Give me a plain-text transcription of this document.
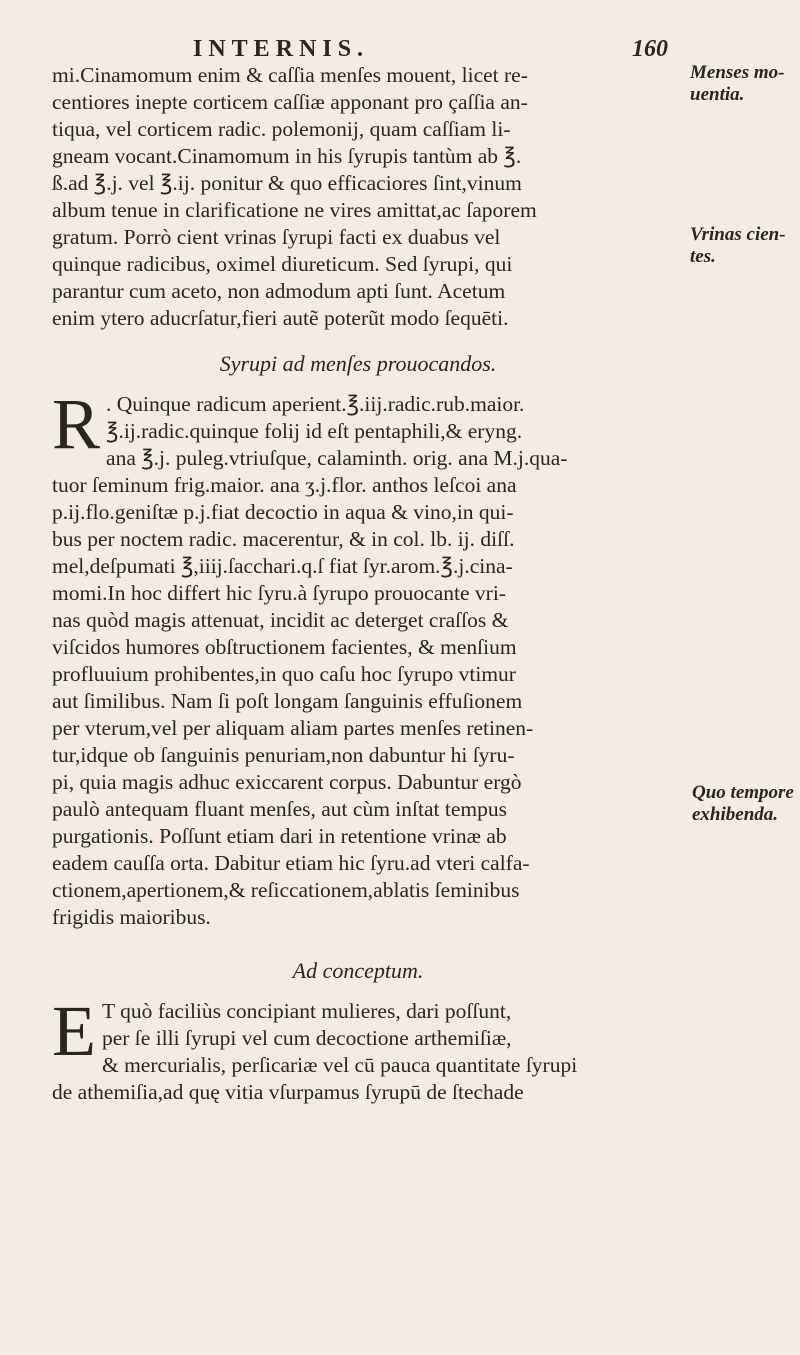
INTERNIS.	160
Menses mo- uentia.
Vrinas cien- tes.
Quo tempore exhibenda.
mi.Cinamomum enim & caſſia menſes mouent, licet re-
centiores inepte corticem caſſiæ apponant pro çaſſia an-
tiqua, vel corticem radic. polemonij, quam caſſiam li-
gneam vocant.Cinamomum in his ſyrupis tantùm ab ℥.
ß.ad ℥.j. vel ℥.ij. ponitur & quo efficaciores ſint,vinum
album tenue in clarificatione ne vires amittat,ac ſaporem
gratum. Porrò cient vrinas ſyrupi facti ex duabus vel
quinque radicibus, oximel diureticum. Sed ſyrupi, qui
parantur cum aceto, non admodum apti ſunt. Acetum
enim ytero aducrſatur,fieri autẽ poterũt modo ſequēti.
Syrupi ad menſes prouocandos.
R . Quinque radicum aperient.℥.iij.radic.rub.maior.
℥.ij.radic.quinque folij id eſt pentaphili,& eryng.
ana ℥.j. puleg.vtriuſque, calaminth. orig. ana M.j.qua-
tuor ſeminum frig.maior. ana ʒ.j.flor. anthos leſcoi ana
p.ij.flo.geniſtæ p.j.fiat decoctio in aqua & vino,in qui-
bus per noctem radic. macerentur, & in col. lb. ij. diſſ.
mel,deſpumati ℥,iiij.ſacchari.q.ſ fiat ſyr.arom.℥.j.cina-
momi.In hoc differt hic ſyru.à ſyrupo prouocante vri-
nas quòd magis attenuat, incidit ac deterget craſſos &
viſcidos humores obſtructionem facientes, & menſium
profluuium prohibentes,in quo caſu hoc ſyrupo vtimur
aut ſimilibus. Nam ſi poſt longam ſanguinis effuſionem
per vterum,vel per aliquam aliam partes menſes retinen-
tur,idque ob ſanguinis penuriam,non dabuntur hi ſyru-
pi, quia magis adhuc exiccarent corpus. Dabuntur ergò
paulò antequam fluant menſes, aut cùm inſtat tempus
purgationis. Poſſunt etiam dari in retentione vrinæ ab
eadem cauſſa orta. Dabitur etiam hic ſyru.ad vteri calfa-
ctionem,apertionem,& reſiccationem,ablatis ſeminibus
frigidis maioribus.
Ad conceptum.
E T quò faciliùs concipiant mulieres, dari poſſunt,
per ſe illi ſyrupi vel cum decoctione arthemiſiæ,
& mercurialis, perſicariæ vel cū pauca quantitate ſyrupi
de athemiſia,ad quę vitia vſurpamus ſyrupū de ſtechade
